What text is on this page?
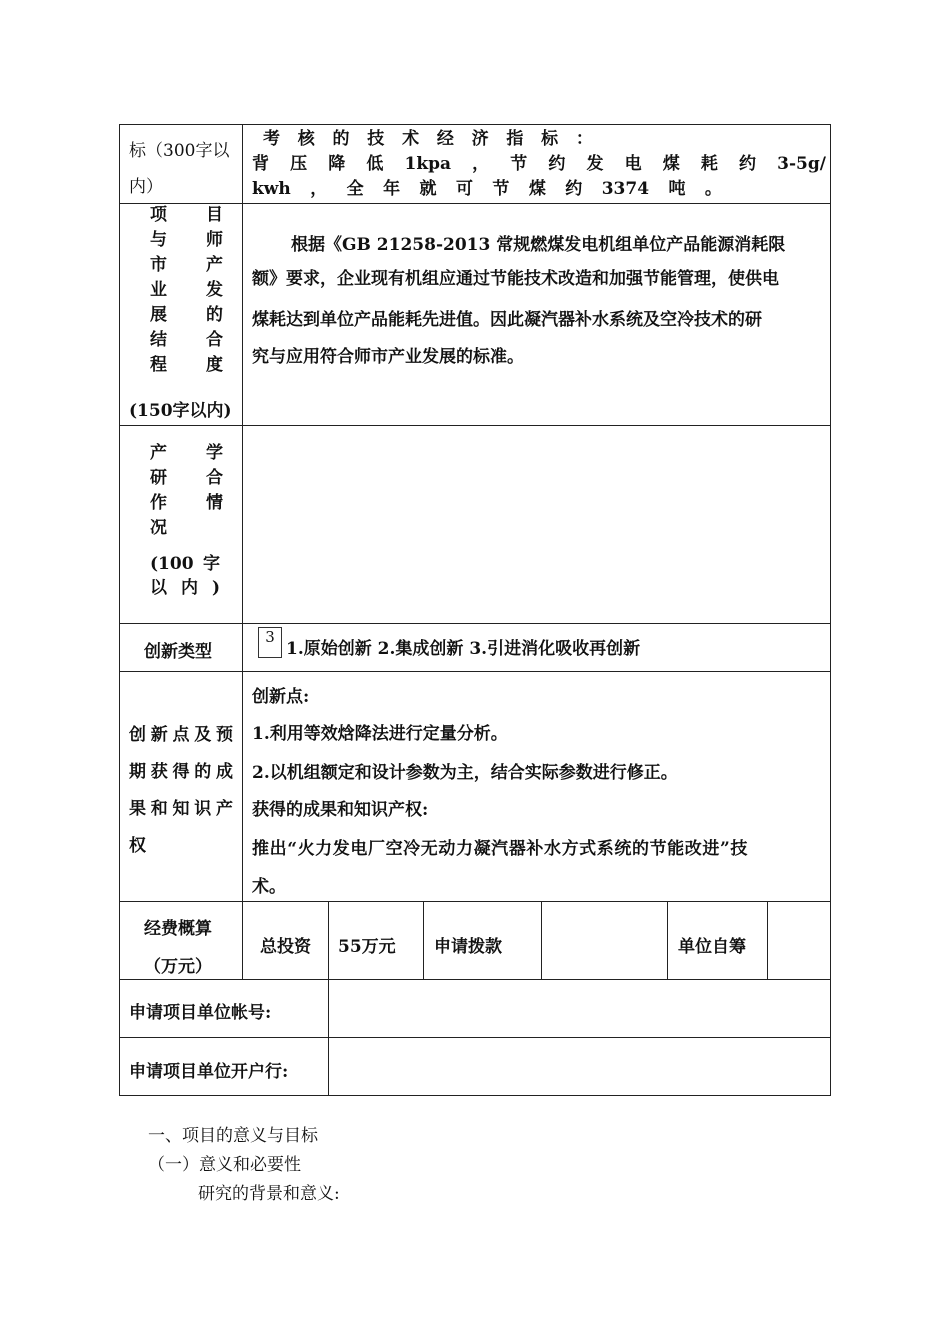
标（300字以
内）
考 核 的 技 术 经 济 指 标 ：
背 压 降 低 1kpa ， 节 约 发 电 煤 耗 约 3-5g/
kwh ， 全 年 就 可 节 煤 约 3374 吨 。
项 目
与 师
市 产
业 发
展 的
结 合
程 度
(150字以内)
根据《GB 21258-2013 常规燃煤发电机组单位产品能源消耗限
额》要求，企业现有机组应通过节能技术改造和加强节能管理，使供电
煤耗达到单位产品能耗先进值。因此凝汽器补水系统及空冷技术的研
究与应用符合师市产业发展的标准。
产 学
研 合
作 情
况
(100 字
以 内 )
创新类型
3
1.原始创新 2.集成创新 3.引进消化吸收再创新
创 新 点 及 预
期 获 得 的 成
果 和 知 识 产
权
创新点:
1.利用等效焓降法进行定量分析。
2.以机组额定和设计参数为主，结合实际参数进行修正。
获得的成果和知识产权:
推出“火力发电厂空冷无动力凝汽器补水方式系统的节能改进”技
术。
经费概算
（万元）
总投资 55万元 申请拨款	单位自筹
申请项目单位帐号:
申请项目单位开户行:
一、项目的意义与目标
（一）意义和必要性
研究的背景和意义:
